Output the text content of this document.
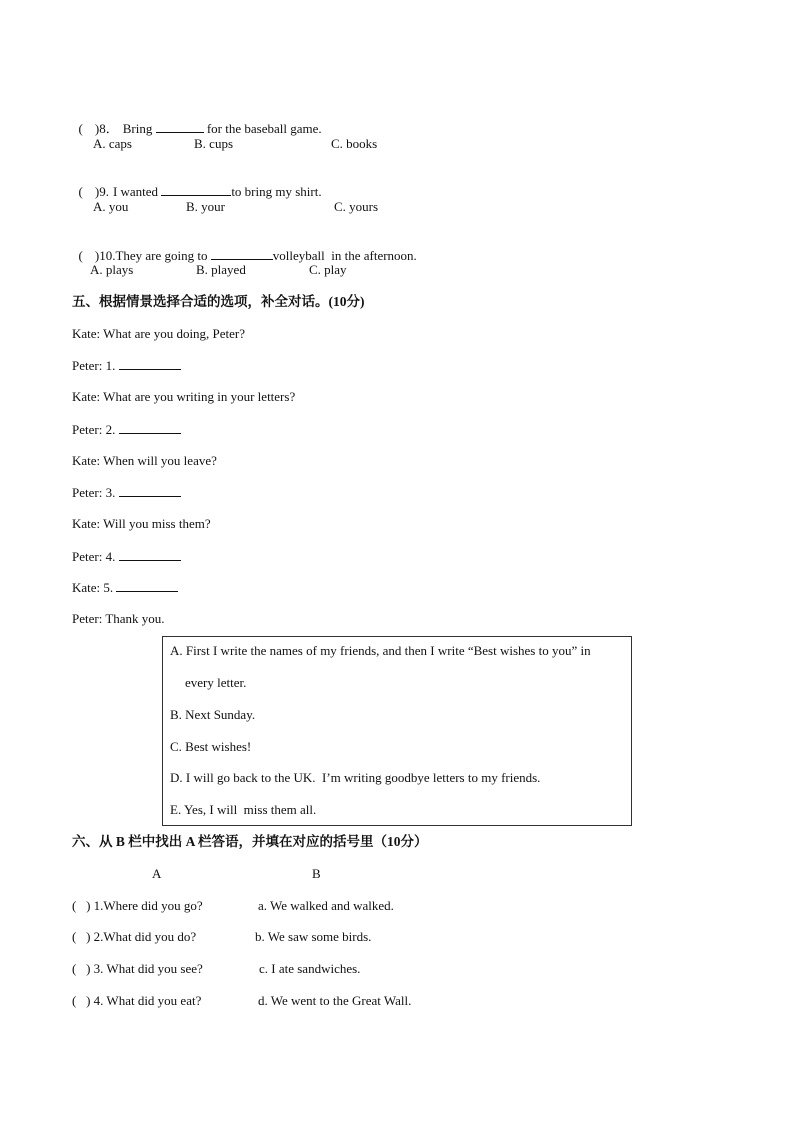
( )8． Bring	for the baseball game.

A. caps	B. cups	C. books

( )9. I wanted	to bring my shirt.

A. you	B. your	C. yours

( )10.They are going to	volleyball  in the afternoon.

A. plays	B. played	C. play
五、根据情景选择合适的选项，补全对话。(10分)
Kate: What are you doing, Peter?
Peter: 1.
Kate: What are you writing in your letters?
Peter: 2.
Kate: When will you leave?
Peter: 3.
Kate: Will you miss them?
Peter: 4.
Kate: 5.
Peter: Thank you.
A. First I write the names of my friends, and then I write “Best wishes to you” in
every letter.
B. Next Sunday.
C. Best wishes!
D. I will go back to the UK.  I’m writing goodbye letters to my friends.
E. Yes, I will  miss them all.
六、从 B 栏中找出 A 栏答语，并填在对应的括号里（10分）
A	B
(   ) 1.Where did you go?	a. We walked and walked.
(   ) 2.What did you do?	b. We saw some birds.
(   ) 3. What did you see?	c. I ate sandwiches.
(   ) 4. What did you eat?	d. We went to the Great Wall.
